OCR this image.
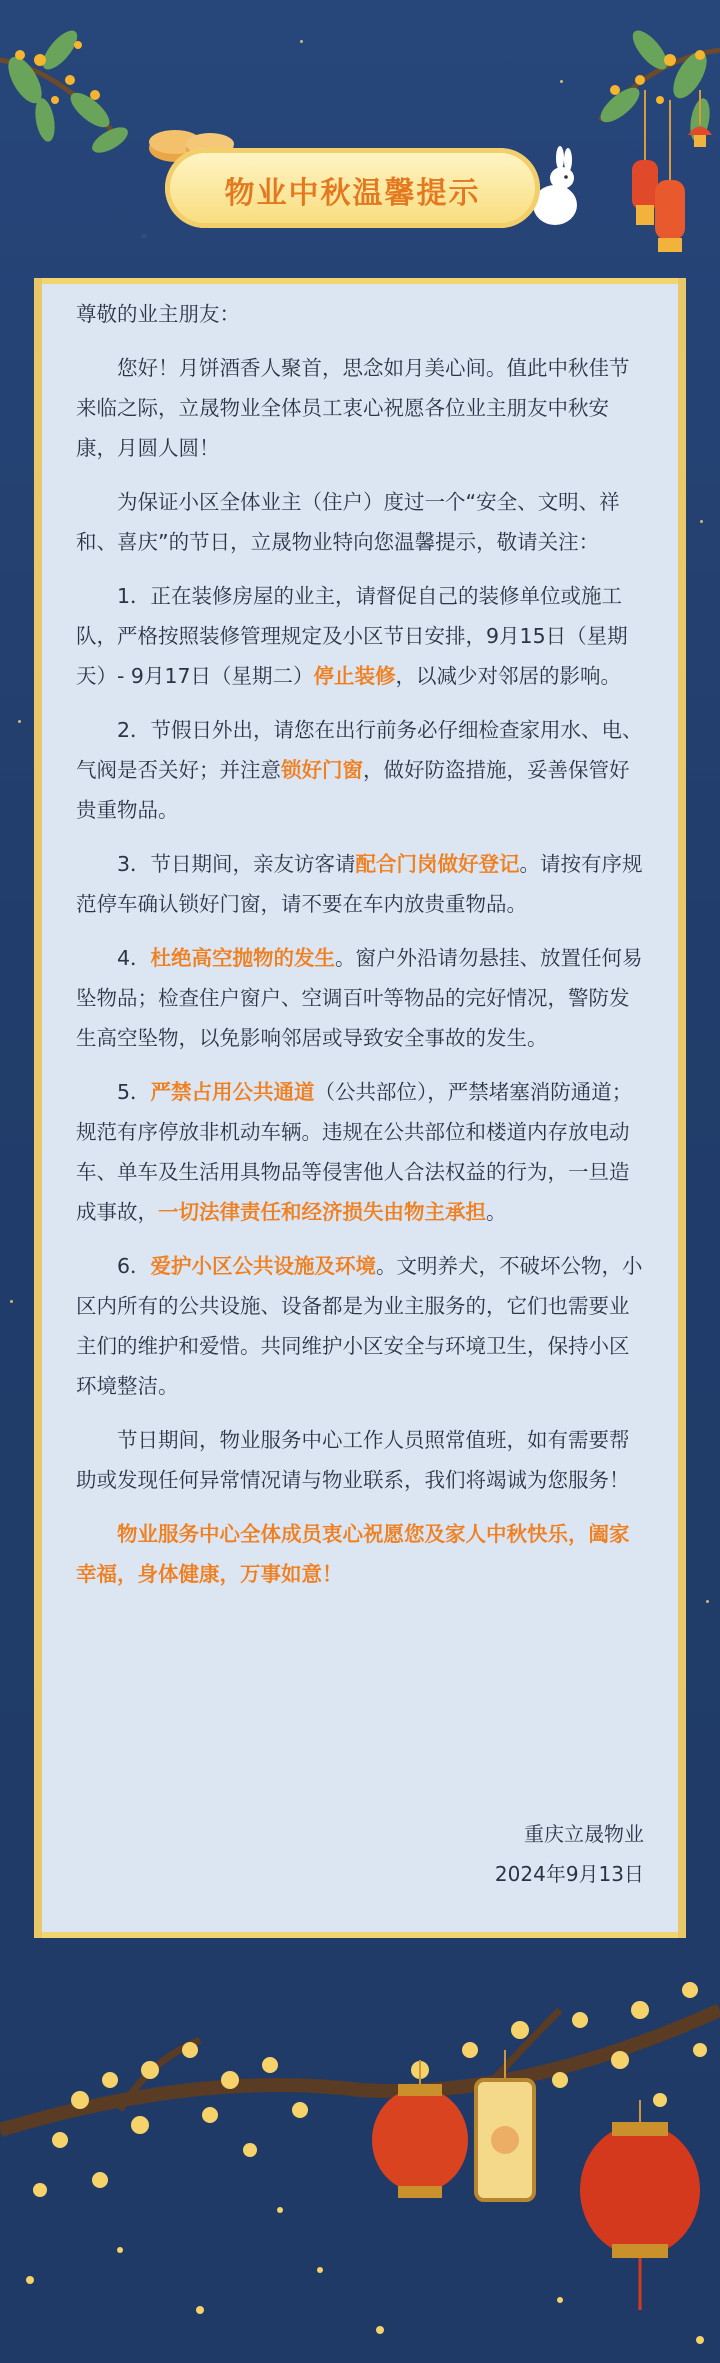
物业中秋温馨提示

尊敬的业主朋友：

您好！月饼酒香人聚首，思念如月美心间。值此中秋佳节来临之际，立晟物业全体员工衷心祝愿各位业主朋友中秋安康，月圆人圆！

为保证小区全体业主（住户）度过一个“安全、文明、祥和、喜庆”的节日，立晟物业特向您温馨提示，敬请关注：

1．正在装修房屋的业主，请督促自己的装修单位或施工队，严格按照装修管理规定及小区节日安排，9月15日（星期天）- 9月17日（星期二）停止装修，以减少对邻居的影响。

2．节假日外出，请您在出行前务必仔细检查家用水、电、气阀是否关好；并注意锁好门窗，做好防盗措施，妥善保管好贵重物品。

3．节日期间，亲友访客请配合门岗做好登记。请按有序规范停车确认锁好门窗，请不要在车内放贵重物品。

4．杜绝高空抛物的发生。窗户外沿请勿悬挂、放置任何易坠物品；检查住户窗户、空调百叶等物品的完好情况，警防发生高空坠物，以免影响邻居或导致安全事故的发生。

5．严禁占用公共通道（公共部位），严禁堵塞消防通道；规范有序停放非机动车辆。违规在公共部位和楼道内存放电动车、单车及生活用具物品等侵害他人合法权益的行为，一旦造成事故，一切法律责任和经济损失由物主承担。

6．爱护小区公共设施及环境。文明养犬，不破坏公物，小区内所有的公共设施、设备都是为业主服务的，它们也需要业主们的维护和爱惜。共同维护小区安全与环境卫生，保持小区环境整洁。

节日期间，物业服务中心工作人员照常值班，如有需要帮助或发现任何异常情况请与物业联系，我们将竭诚为您服务！

物业服务中心全体成员衷心祝愿您及家人中秋快乐，阖家幸福，身体健康，万事如意！

重庆立晟物业
2024年9月13日
